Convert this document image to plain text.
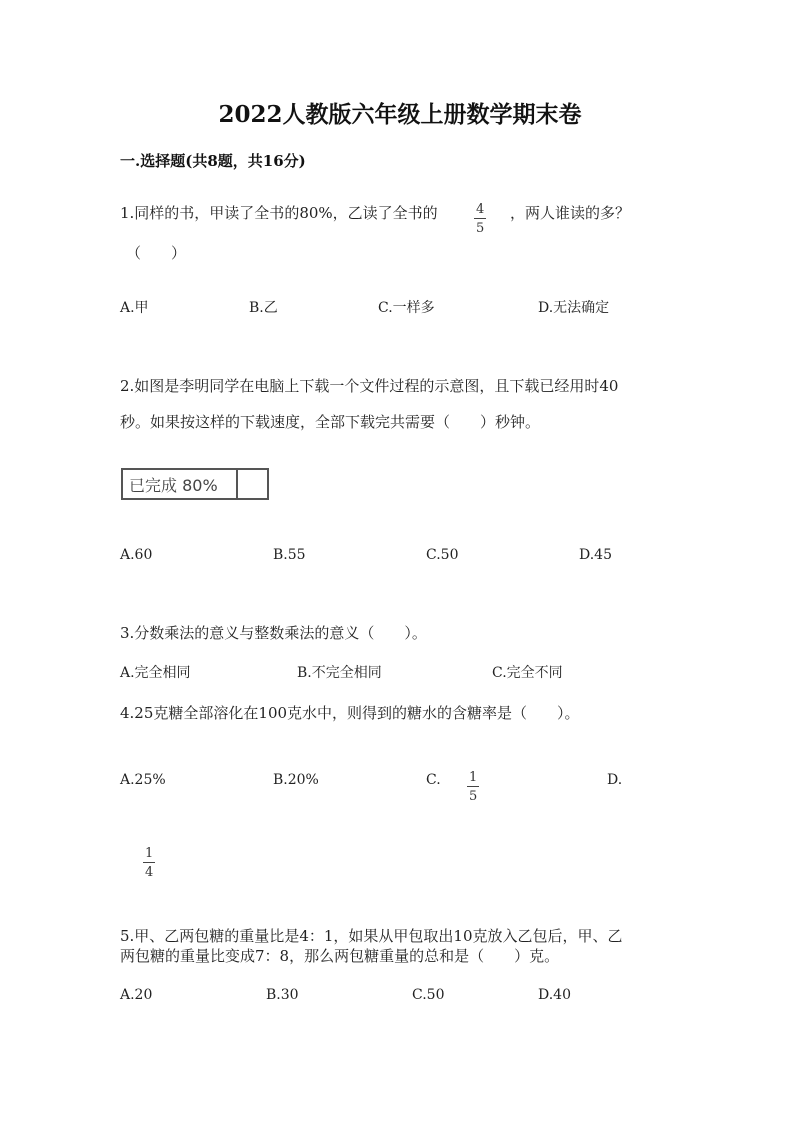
2022人教版六年级上册数学期末卷
一.选择题(共8题，共16分)
1.同样的书，甲读了全书的80%，乙读了全书的	$\frac{4}{5}$ ，两人谁读的多？
（　　）
A.甲	B.乙	C.一样多	D.无法确定
2.如图是李明同学在电脑上下载一个文件过程的示意图，且下载已经用时40
秒。如果按这样的下载速度，全部下载完共需要（　　）秒钟。
已完成 80%
A.60	B.55	C.50	D.45
3.分数乘法的意义与整数乘法的意义（　　）。
A.完全相同	B.不完全相同	C.完全不同
4.25克糖全部溶化在100克水中，则得到的糖水的含糖率是（　　）。
A.25%	B.20%	C. $\frac{1}{5}$	D.
$\frac{1}{4}$
5.甲、乙两包糖的重量比是4：1，如果从甲包取出10克放入乙包后，甲、乙
两包糖的重量比变成7：8，那么两包糖重量的总和是（　　）克。
A.20	B.30	C.50	D.40
